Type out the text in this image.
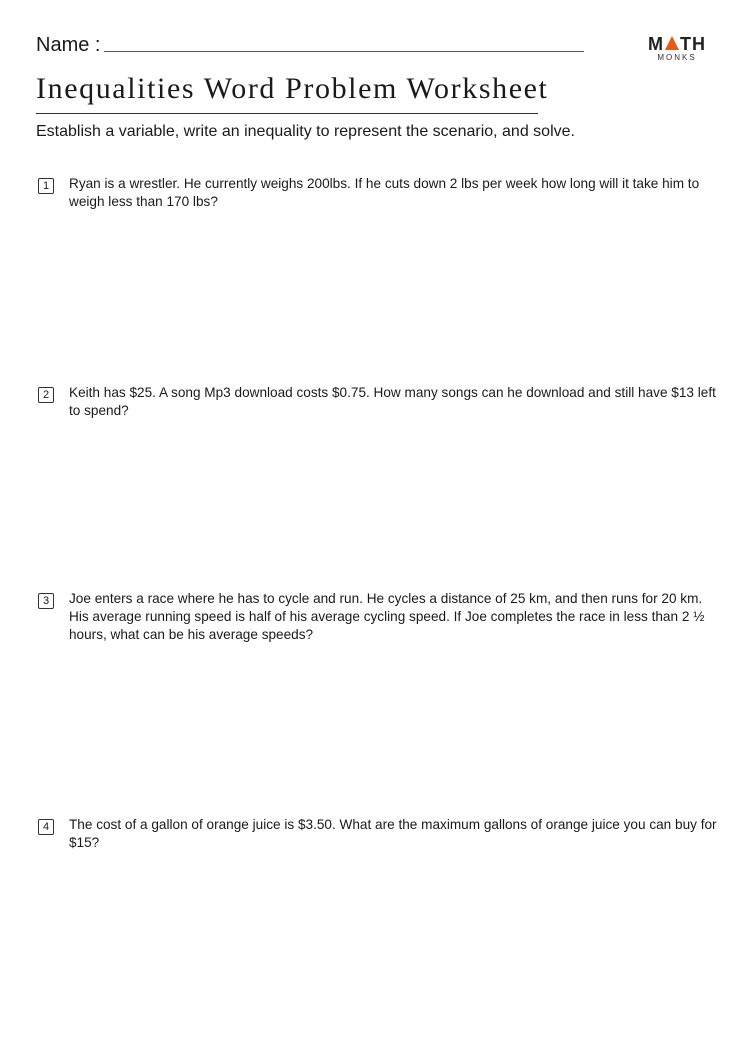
Name :	M TH
MONKS
Inequalities Word Problem Worksheet
Establish a variable, write an inequality to represent the scenario, and solve.
1	Ryan is a wrestler. He currently weighs 200lbs. If he cuts down 2 lbs per week how long will it take him to weigh less than 170 lbs?
2	Keith has $25. A song Mp3 download costs $0.75. How many songs can he download and still have $13 left to spend?
3	Joe enters a race where he has to cycle and run. He cycles a distance of 25 km, and then runs for 20 km. His average running speed is half of his average cycling speed. If Joe completes the race in less than 2 ½ hours, what can be his average speeds?
4	The cost of a gallon of orange juice is $3.50. What are the maximum gallons of orange juice you can buy for $15?
